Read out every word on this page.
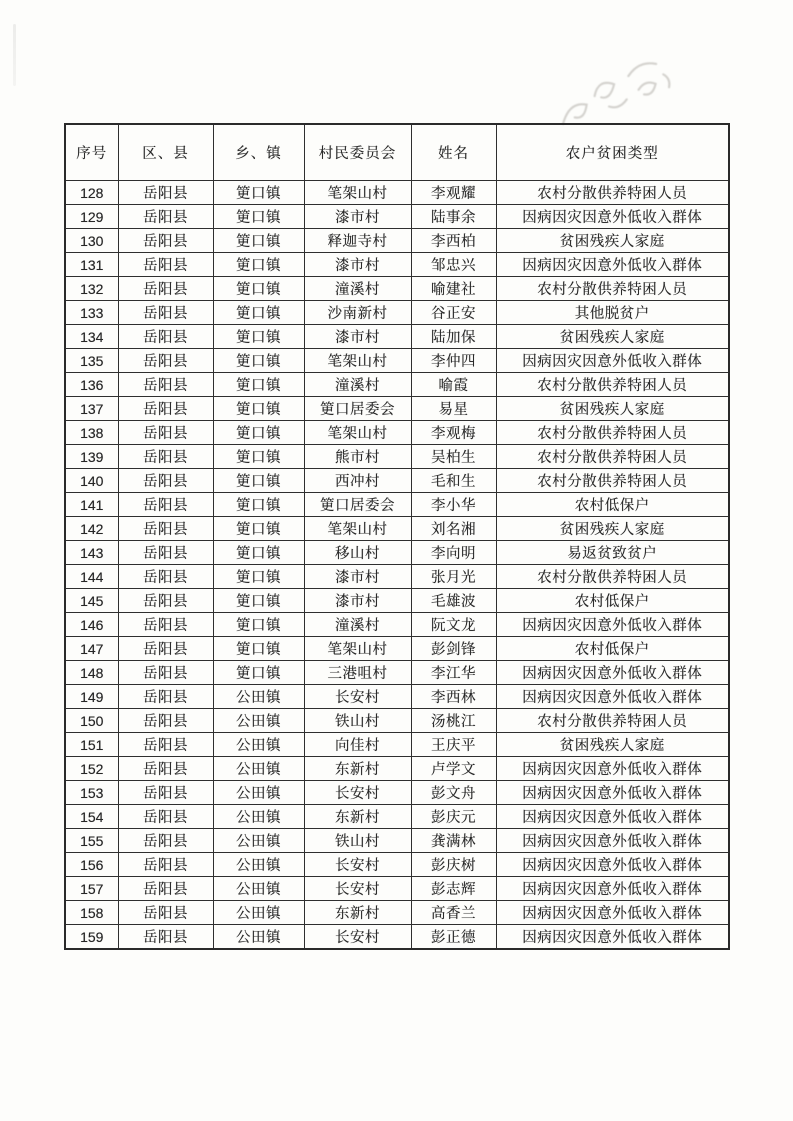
序号	区、县	乡、镇	村民委员会	姓名	农户贫困类型
128	岳阳县	筻口镇	笔架山村	李观耀	农村分散供养特困人员
129	岳阳县	筻口镇	漆市村	陆事余	因病因灾因意外低收入群体
130	岳阳县	筻口镇	释迦寺村	李西柏	贫困残疾人家庭
131	岳阳县	筻口镇	漆市村	邹忠兴	因病因灾因意外低收入群体
132	岳阳县	筻口镇	潼溪村	喻建社	农村分散供养特困人员
133	岳阳县	筻口镇	沙南新村	谷正安	其他脱贫户
134	岳阳县	筻口镇	漆市村	陆加保	贫困残疾人家庭
135	岳阳县	筻口镇	笔架山村	李仲四	因病因灾因意外低收入群体
136	岳阳县	筻口镇	潼溪村	喻霞	农村分散供养特困人员
137	岳阳县	筻口镇	筻口居委会	易星	贫困残疾人家庭
138	岳阳县	筻口镇	笔架山村	李观梅	农村分散供养特困人员
139	岳阳县	筻口镇	熊市村	吴柏生	农村分散供养特困人员
140	岳阳县	筻口镇	西冲村	毛和生	农村分散供养特困人员
141	岳阳县	筻口镇	筻口居委会	李小华	农村低保户
142	岳阳县	筻口镇	笔架山村	刘名湘	贫困残疾人家庭
143	岳阳县	筻口镇	移山村	李向明	易返贫致贫户
144	岳阳县	筻口镇	漆市村	张月光	农村分散供养特困人员
145	岳阳县	筻口镇	漆市村	毛雄波	农村低保户
146	岳阳县	筻口镇	潼溪村	阮文龙	因病因灾因意外低收入群体
147	岳阳县	筻口镇	笔架山村	彭剑锋	农村低保户
148	岳阳县	筻口镇	三港咀村	李江华	因病因灾因意外低收入群体
149	岳阳县	公田镇	长安村	李西林	因病因灾因意外低收入群体
150	岳阳县	公田镇	铁山村	汤桃江	农村分散供养特困人员
151	岳阳县	公田镇	向佳村	王庆平	贫困残疾人家庭
152	岳阳县	公田镇	东新村	卢学文	因病因灾因意外低收入群体
153	岳阳县	公田镇	长安村	彭文舟	因病因灾因意外低收入群体
154	岳阳县	公田镇	东新村	彭庆元	因病因灾因意外低收入群体
155	岳阳县	公田镇	铁山村	龚满林	因病因灾因意外低收入群体
156	岳阳县	公田镇	长安村	彭庆树	因病因灾因意外低收入群体
157	岳阳县	公田镇	长安村	彭志辉	因病因灾因意外低收入群体
158	岳阳县	公田镇	东新村	高香兰	因病因灾因意外低收入群体
159	岳阳县	公田镇	长安村	彭正德	因病因灾因意外低收入群体
